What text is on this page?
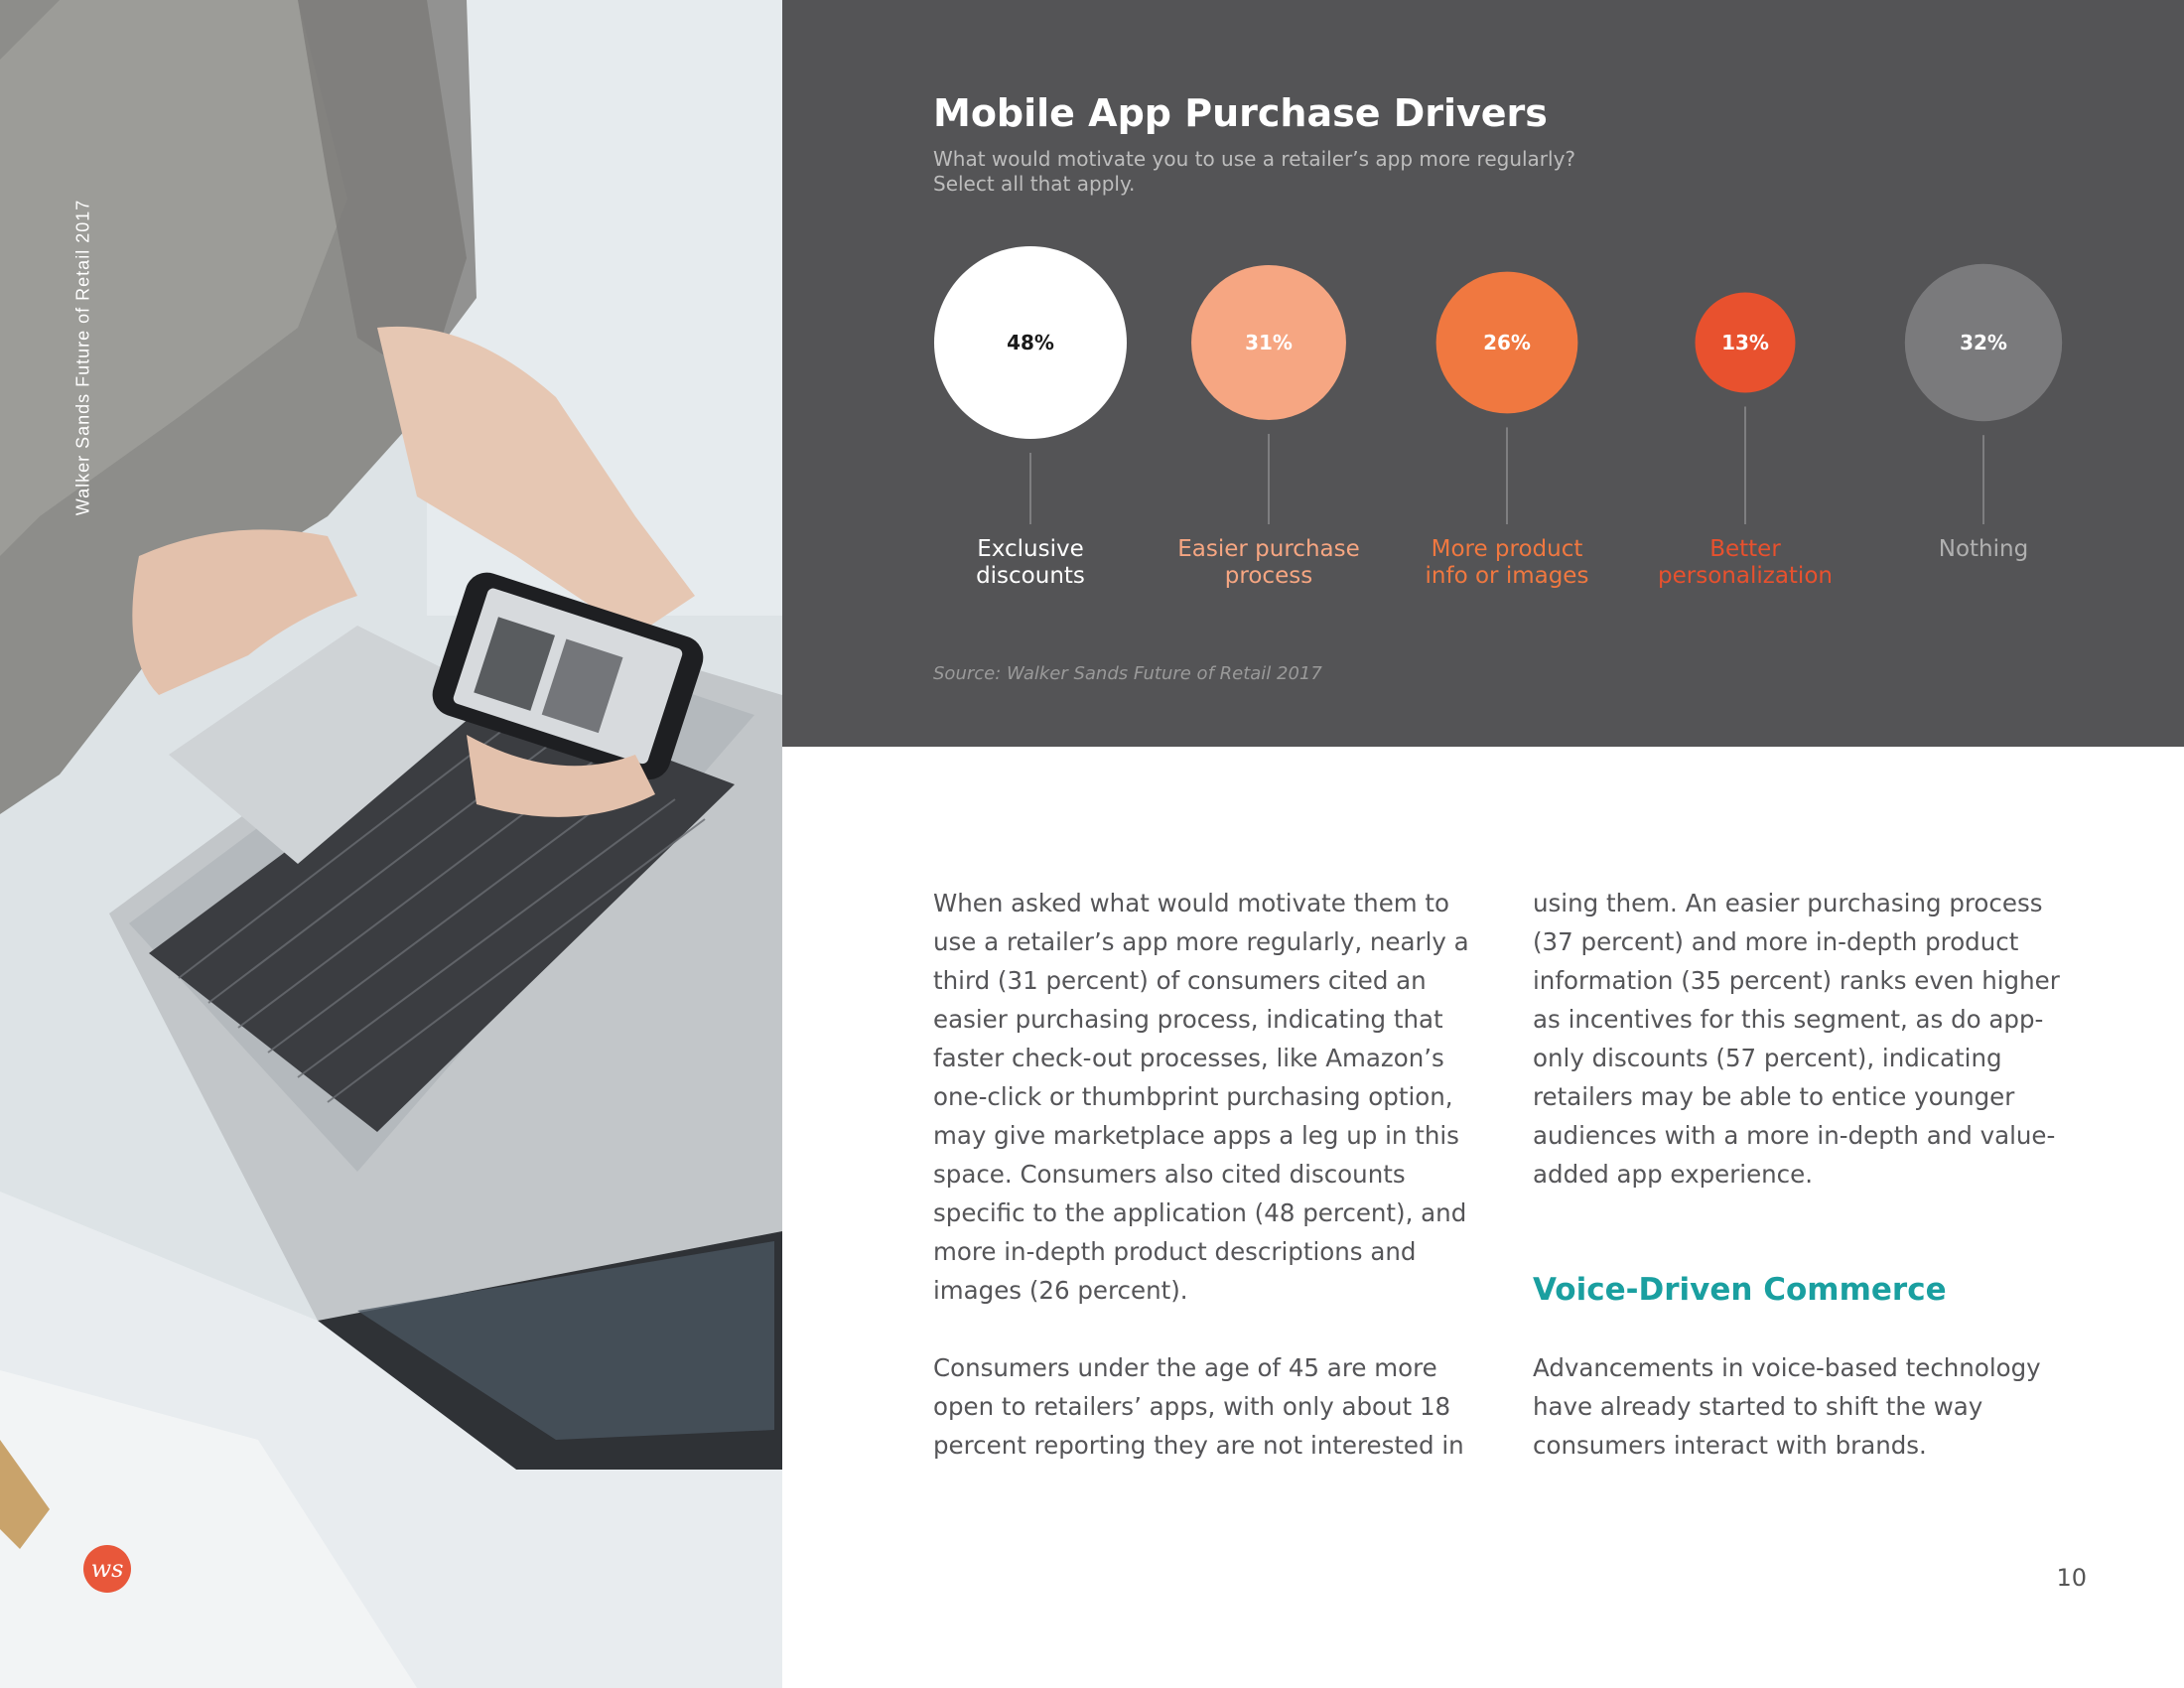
Walker Sands Future of Retail 2017
ws
Mobile App Purchase Drivers
What would motivate you to use a retailer’s app more regularly?
Select all that apply.
48%
Exclusive
discounts
31%
Easier purchase
process
26%
More product
info or images
13%
Better
personalization
32%
Nothing
Source: Walker Sands Future of Retail 2017

When asked what would motivate them to use a retailer’s app more regularly, nearly a third (31 percent) of consumers cited an easier purchasing process, indicating that faster check-out processes, like Amazon’s one-click or thumbprint purchasing option, may give marketplace apps a leg up in this space. Consumers also cited discounts specific to the application (48 percent), and more in-depth product descriptions and images (26 percent).

Consumers under the age of 45 are more open to retailers’ apps, with only about 18 percent reporting they are not interested in

using them. An easier purchasing process (37 percent) and more in-depth product information (35 percent) ranks even higher as incentives for this segment, as do app-only discounts (57 percent), indicating retailers may be able to entice younger audiences with a more in-depth and value-added app experience.

Voice-Driven Commerce

Advancements in voice-based technology have already started to shift the way consumers interact with brands.

10
